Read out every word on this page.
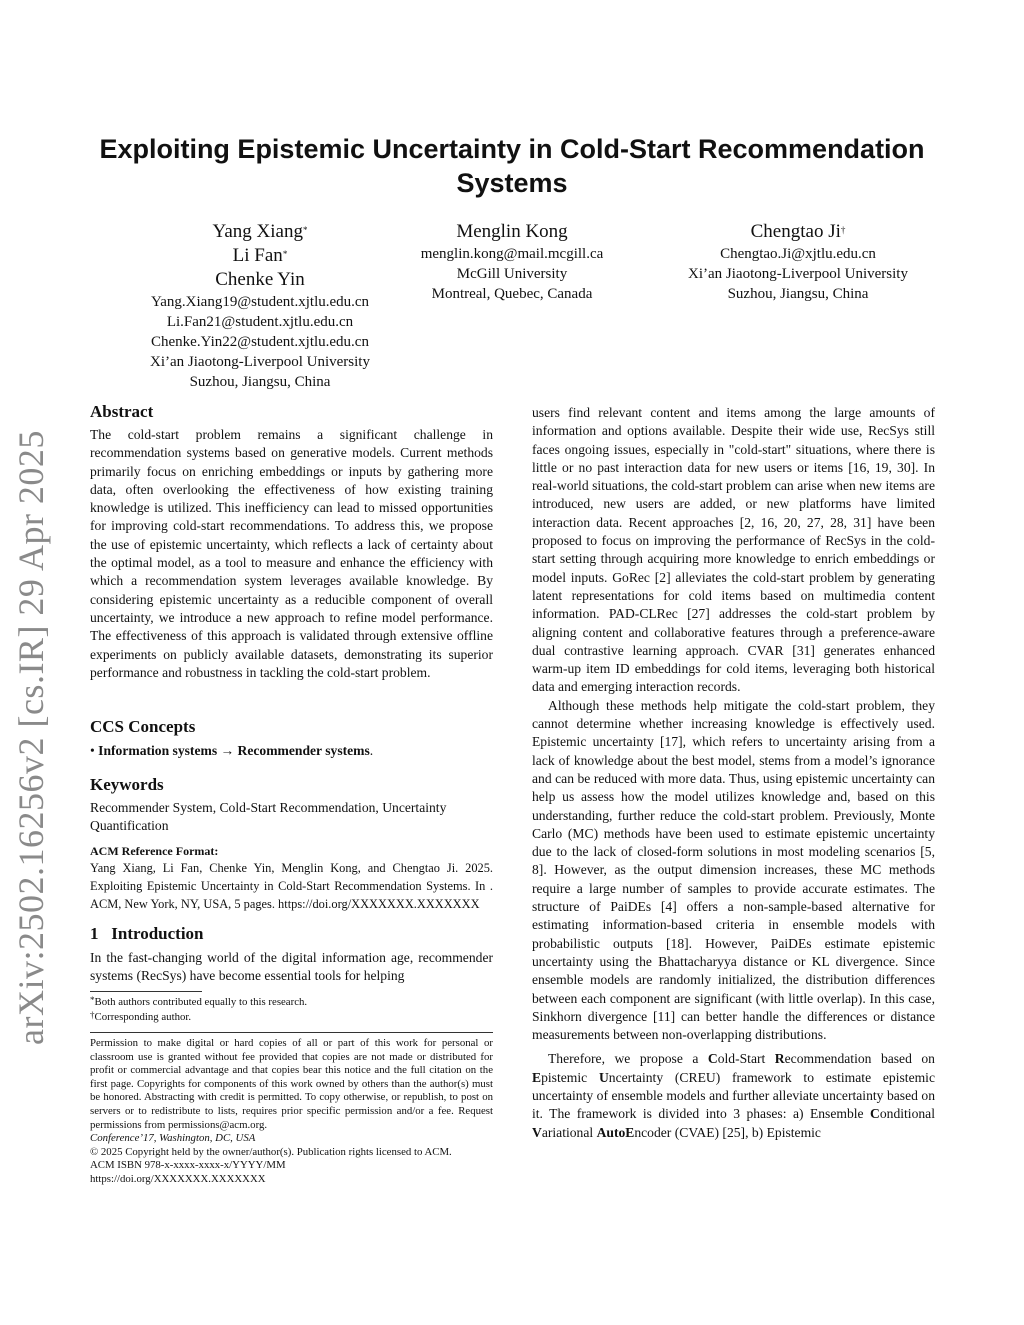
arXiv:2502.16256v2 [cs.IR] 29 Apr 2025
Exploiting Epistemic Uncertainty in Cold-Start Recommendation Systems
Yang Xiang*
Li Fan*
Chenke Yin
Yang.Xiang19@student.xjtlu.edu.cn
Li.Fan21@student.xjtlu.edu.cn
Chenke.Yin22@student.xjtlu.edu.cn
Xi’an Jiaotong-Liverpool University
Suzhou, Jiangsu, China
Menglin Kong
menglin.kong@mail.mcgill.ca
McGill University
Montreal, Quebec, Canada
Chengtao Ji†
Chengtao.Ji@xjtlu.edu.cn
Xi’an Jiaotong-Liverpool University
Suzhou, Jiangsu, China
Abstract

The cold-start problem remains a significant challenge in recommendation systems based on generative models. Current methods primarily focus on enriching embeddings or inputs by gathering more data, often overlooking the effectiveness of how existing training knowledge is utilized. This inefficiency can lead to missed opportunities for improving cold-start recommendations. To address this, we propose the use of epistemic uncertainty, which reflects a lack of certainty about the optimal model, as a tool to measure and enhance the efficiency with which a recommendation system leverages available knowledge. By considering epistemic uncertainty as a reducible component of overall uncertainty, we introduce a new approach to refine model performance. The effectiveness of this approach is validated through extensive offline experiments on publicly available datasets, demonstrating its superior performance and robustness in tackling the cold-start problem.

CCS Concepts

• Information systems → Recommender systems.

Keywords

Recommender System, Cold-Start Recommendation, Uncertainty Quantification

ACM Reference Format:

Yang Xiang, Li Fan, Chenke Yin, Menglin Kong, and Chengtao Ji. 2025. Exploiting Epistemic Uncertainty in Cold-Start Recommendation Systems. In . ACM, New York, NY, USA, 5 pages. https://doi.org/XXXXXXX.XXXXXXX

1 Introduction

In the fast-changing world of the digital information age, recommender systems (RecSys) have become essential tools for helping

*Both authors contributed equally to this research.
†Corresponding author.

Permission to make digital or hard copies of all or part of this work for personal or classroom use is granted without fee provided that copies are not made or distributed for profit or commercial advantage and that copies bear this notice and the full citation on the first page. Copyrights for components of this work owned by others than the author(s) must be honored. Abstracting with credit is permitted. To copy otherwise, or republish, to post on servers or to redistribute to lists, requires prior specific permission and/or a fee. Request permissions from permissions@acm.org.

Conference’17, Washington, DC, USA
© 2025 Copyright held by the owner/author(s). Publication rights licensed to ACM.
ACM ISBN 978-x-xxxx-xxxx-x/YYYY/MM
https://doi.org/XXXXXXX.XXXXXXX

users find relevant content and items among the large amounts of information and options available. Despite their wide use, RecSys still faces ongoing issues, especially in "cold-start" situations, where there is little or no past interaction data for new users or items [16, 19, 30]. In real-world situations, the cold-start problem can arise when new items are introduced, new users are added, or new platforms have limited interaction data. Recent approaches [2, 16, 20, 27, 28, 31] have been proposed to focus on improving the performance of RecSys in the cold-start setting through acquiring more knowledge to enrich embeddings or model inputs. GoRec [2] alleviates the cold-start problem by generating latent representations for cold items based on multimedia content information. PAD-CLRec [27] addresses the cold-start problem by aligning content and collaborative features through a preference-aware dual contrastive learning approach. CVAR [31] generates enhanced warm-up item ID embeddings for cold items, leveraging both historical data and emerging interaction records.

Although these methods help mitigate the cold-start problem, they cannot determine whether increasing knowledge is effectively used. Epistemic uncertainty [17], which refers to uncertainty arising from a lack of knowledge about the best model, stems from a model’s ignorance and can be reduced with more data. Thus, using epistemic uncertainty can help us assess how the model utilizes knowledge and, based on this understanding, further reduce the cold-start problem. Previously, Monte Carlo (MC) methods have been used to estimate epistemic uncertainty due to the lack of closed-form solutions in most modeling scenarios [5, 8]. However, as the output dimension increases, these MC methods require a large number of samples to provide accurate estimates. The structure of PaiDEs [4] offers a non-sample-based alternative for estimating information-based criteria in ensemble models with probabilistic outputs [18]. However, PaiDEs estimate epistemic uncertainty using the Bhattacharyya distance or KL divergence. Since ensemble models are randomly initialized, the distribution differences between each component are significant (with little overlap). In this case, Sinkhorn divergence [11] can better handle the differences or distance measurements between non-overlapping distributions.

Therefore, we propose a Cold-Start Recommendation based on Epistemic Uncertainty (CREU) framework to estimate epistemic uncertainty of ensemble models and further alleviate uncertainty based on it. The framework is divided into 3 phases: a) Ensemble Conditional Variational AutoEncoder (CVAE) [25], b) Epistemic
